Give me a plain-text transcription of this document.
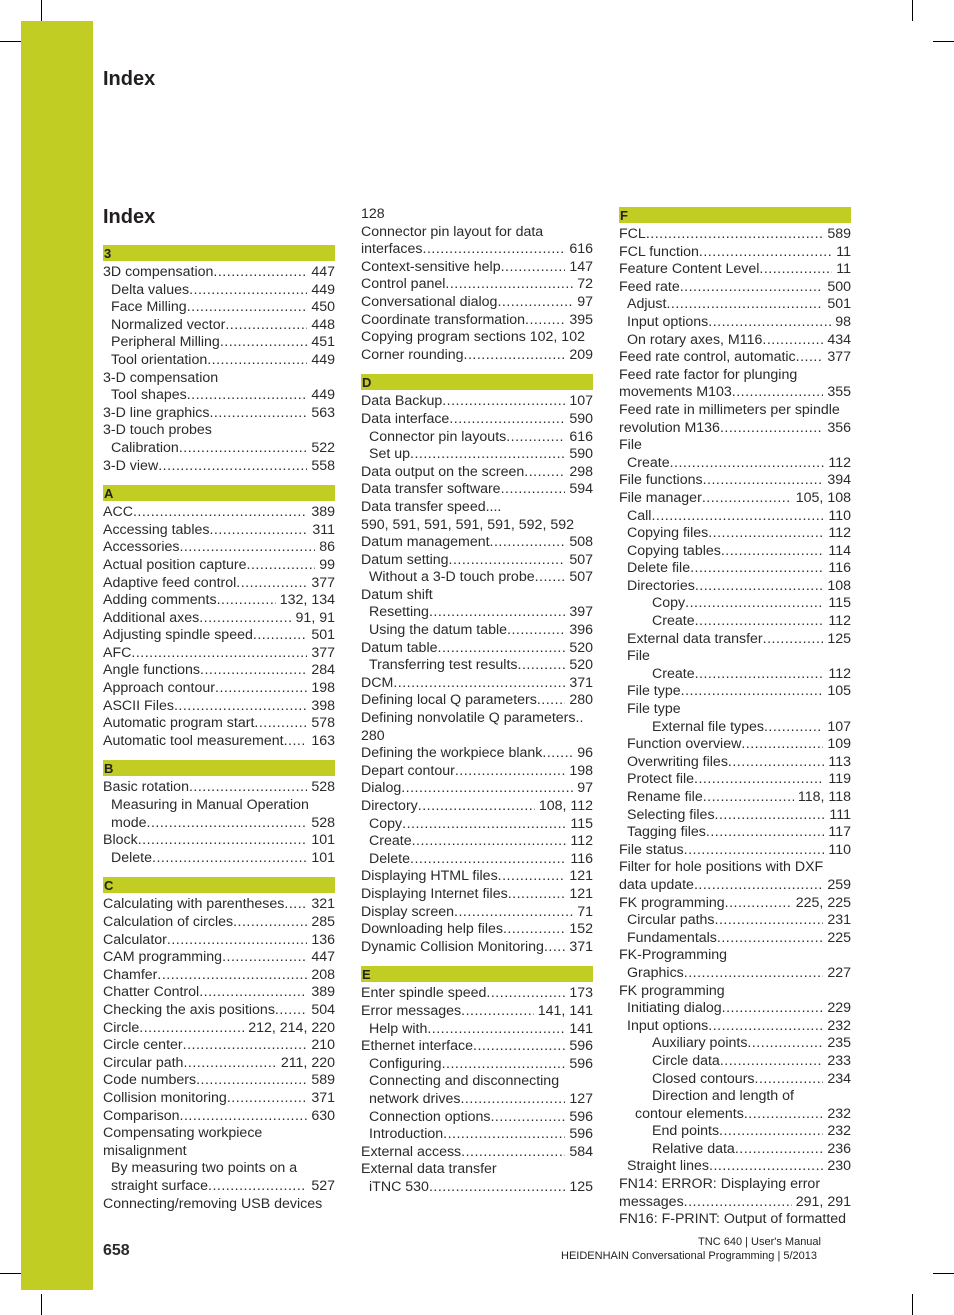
Index
Index
3
3D compensation .....	447
Delta values .....	449
Face Milling .....	450
Normalized vector .....	448
Peripheral Milling .....	451
Tool orientation .....	449
3-D compensation
Tool shapes .....	449
3-D line graphics .....	563
3-D touch probes
Calibration .....	522
3-D view .....	558
A
ACC .....	389
Accessing tables .....	311
Accessories .....	86
Actual position capture .....	99
Adaptive feed control .....	377
Adding comments .....	132, 134
Additional axes .....	91, 91
Adjusting spindle speed .....	501
AFC .....	377
Angle functions .....	284
Approach contour .....	198
ASCII Files .....	398
Automatic program start .....	578
Automatic tool measurement ..... 163
B
Basic rotation .....	528
Measuring in Manual Operation
mode .....	528
Block .....	101
Delete .....	101
C
Calculating with parentheses ..... 321
Calculation of circles .....	285
Calculator .....	136
CAM programming .....	447
Chamfer .....	208
Chatter Control .....	389
Checking the axis positions .....	504
Circle .....	212, 214, 220
Circle center .....	210
Circular path .....	211, 220
Code numbers .....	589
Collision monitoring .....	371
Comparison .....	630
Compensating workpiece
misalignment
By measuring two points on a
straight surface .....	527
Connecting/removing USB devices
128
Connector pin layout for data
interfaces .....	616
Context-sensitive help .....	147
Control panel .....	72
Conversational dialog .....	97
Coordinate transformation .....	395
Copying program sections 102, 102
Corner rounding .....	209
D
Data Backup .....	107
Data interface .....	590
Connector pin layouts .....	616
Set up .....	590
Data output on the screen .....	298
Data transfer software .....	594
Data transfer speed....
590, 591, 591, 591, 591, 592, 592
Datum management .....	508
Datum setting .....	507
Without a 3-D touch probe ..... 507
Datum shift
Resetting .....	397
Using the datum table .....	396
Datum table .....	520
Transferring test results .....	520
DCM .....	371
Defining local Q parameters ..... 280
Defining nonvolatile Q parameters..
280
Defining the workpiece blank ..... 96
Depart contour .....	198
Dialog .....	97
Directory .....	108, 112
Copy .....	115
Create .....	112
Delete .....	116
Displaying HTML files .....	121
Displaying Internet files .....	121
Display screen .....	71
Downloading help files .....	152
Dynamic Collision Monitoring ..... 371
E
Enter spindle speed .....	173
Error messages .....	141, 141
Help with .....	141
Ethernet interface .....	596
Configuring .....	596
Connecting and disconnecting
network drives .....	127
Connection options .....	596
Introduction .....	596
External access .....	584
External data transfer
iTNC 530 .....	125
F
FCL .....	589
FCL function .....	11
Feature Content Level .....	11
Feed rate .....	500
Adjust .....	501
Input options .....	98
On rotary axes, M116 .....	434
Feed rate control, automatic ..... 377
Feed rate factor for plunging
movements M103 .....	355
Feed rate in millimeters per spindle
revolution M136 .....	356
File
Create .....	112
File functions .....	394
File manager .....	105, 108
Call .....	110
Copying files .....	112
Copying tables .....	114
Delete file .....	116
Directories .....	108
Copy .....	115
Create .....	112
External data transfer .....	125
File
Create .....	112
File type .....	105
File type
External file types .....	107
Function overview .....	109
Overwriting files .....	113
Protect file .....	119
Rename file .....	118, 118
Selecting files .....	111
Tagging files .....	117
File status .....	110
Filter for hole positions with DXF
data update .....	259
FK programming .....	225, 225
Circular paths .....	231
Fundamentals .....	225
FK-Programming
Graphics .....	227
FK programming
Initiating dialog .....	229
Input options .....	232
Auxiliary points .....	235
Circle data .....	233
Closed contours .....	234
Direction and length of
contour elements .....	232
End points .....	232
Relative data .....	236
Straight lines .....	230
FN14: ERROR: Displaying error
messages .....	291, 291
FN16: F-PRINT: Output of formatted
658	TNC 640 | User's Manual
HEIDENHAIN Conversational Programming | 5/2013
